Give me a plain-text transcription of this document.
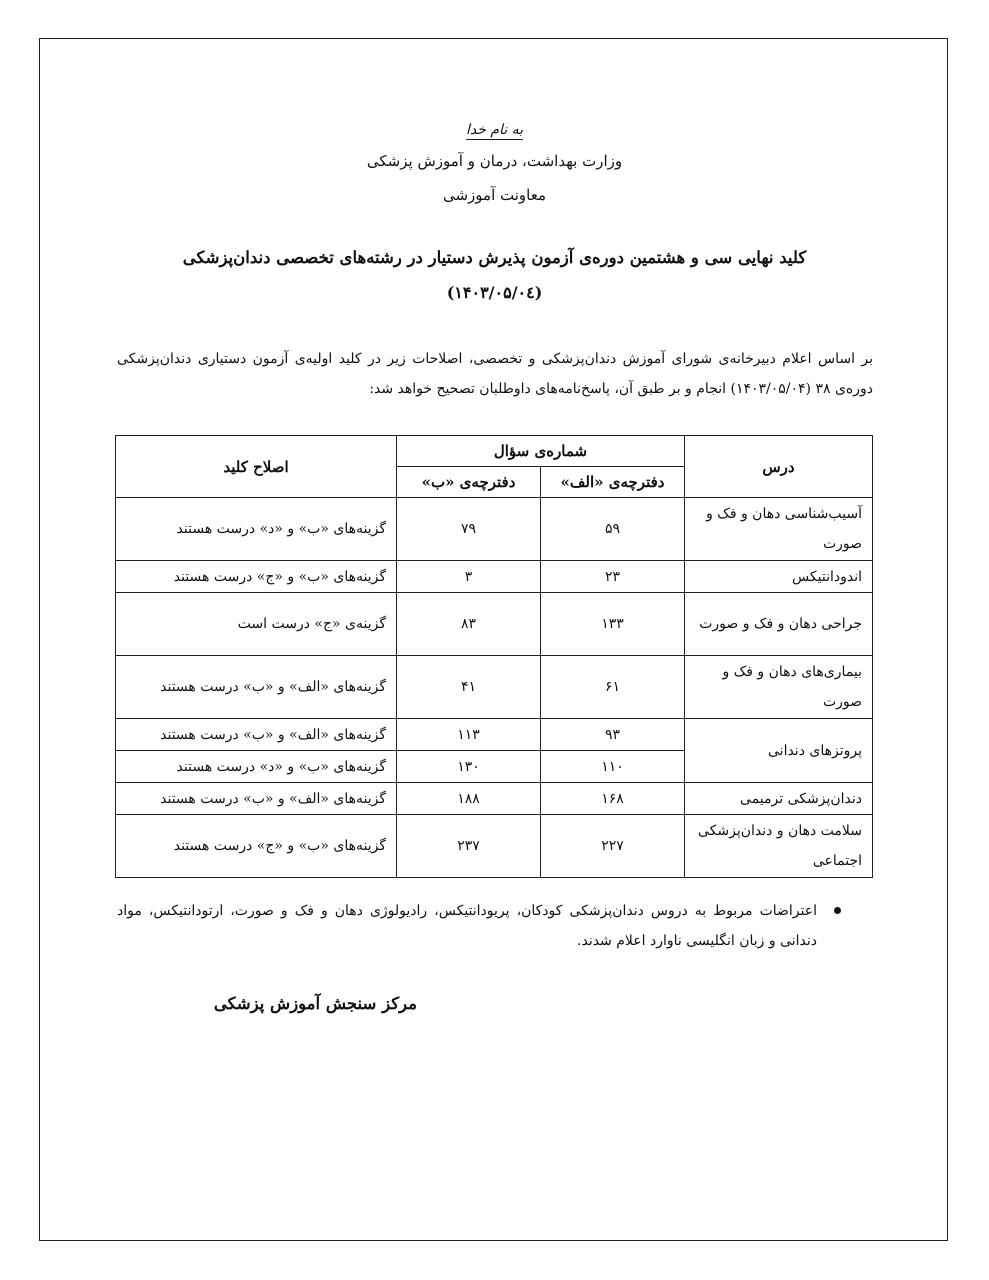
به نام خدا
وزارت بهداشت، درمان و آموزش پزشکی
معاونت آموزشی
کلید نهایی سی و هشتمین دوره‌ی آزمون پذیرش دستیار در رشته‌های تخصصی دندان‌پزشکی
(۱۴۰۳/۰۵/۰٤)
بر اساس اعلام دبیرخانه‌ی شورای آموزش دندان‌پزشکی و تخصصی، اصلاحات زیر در کلید اولیه‌ی آزمون دستیاری دندان‌پزشکی دوره‌ی ۳۸ (۱۴۰۳/۰۵/۰۴) انجام و بر طبق آن، پاسخ‌نامه‌های داوطلبان تصحیح خواهد شد:
درس	شماره‌ی سؤال		اصلاح کلید
	دفترچه‌ی «الف»	دفترچه‌ی «ب»	
آسیب‌شناسی دهان و فک و صورت	۵۹	۷۹	گزینه‌های «ب» و «د» درست هستند
اندودانتیکس	۲۳	۳	گزینه‌های «ب» و «ج» درست هستند
جراحی دهان و فک و صورت	۱۳۳	۸۳	گزینه‌ی «ج» درست است
بیماری‌های دهان و فک و صورت	۶۱	۴۱	گزینه‌های «الف» و «ب» درست هستند
پروتزهای دندانی	۹۳	۱۱۳	گزینه‌های «الف» و «ب» درست هستند
	۱۱۰	۱۳۰	گزینه‌های «ب» و «د» درست هستند
دندان‌پزشکی ترمیمی	۱۶۸	۱۸۸	گزینه‌های «الف» و «ب» درست هستند
سلامت دهان و دندان‌پزشکی اجتماعی	۲۲۷	۲۳۷	گزینه‌های «ب» و «ج» درست هستند
اعتراضات مربوط به دروس دندان‌پزشکی کودکان، پریودانتیکس، رادیولوژی دهان و فک و صورت، ارتودانتیکس، مواد دندانی و زبان انگلیسی ناوارد اعلام شدند.
مرکز سنجش آموزش پزشکی
